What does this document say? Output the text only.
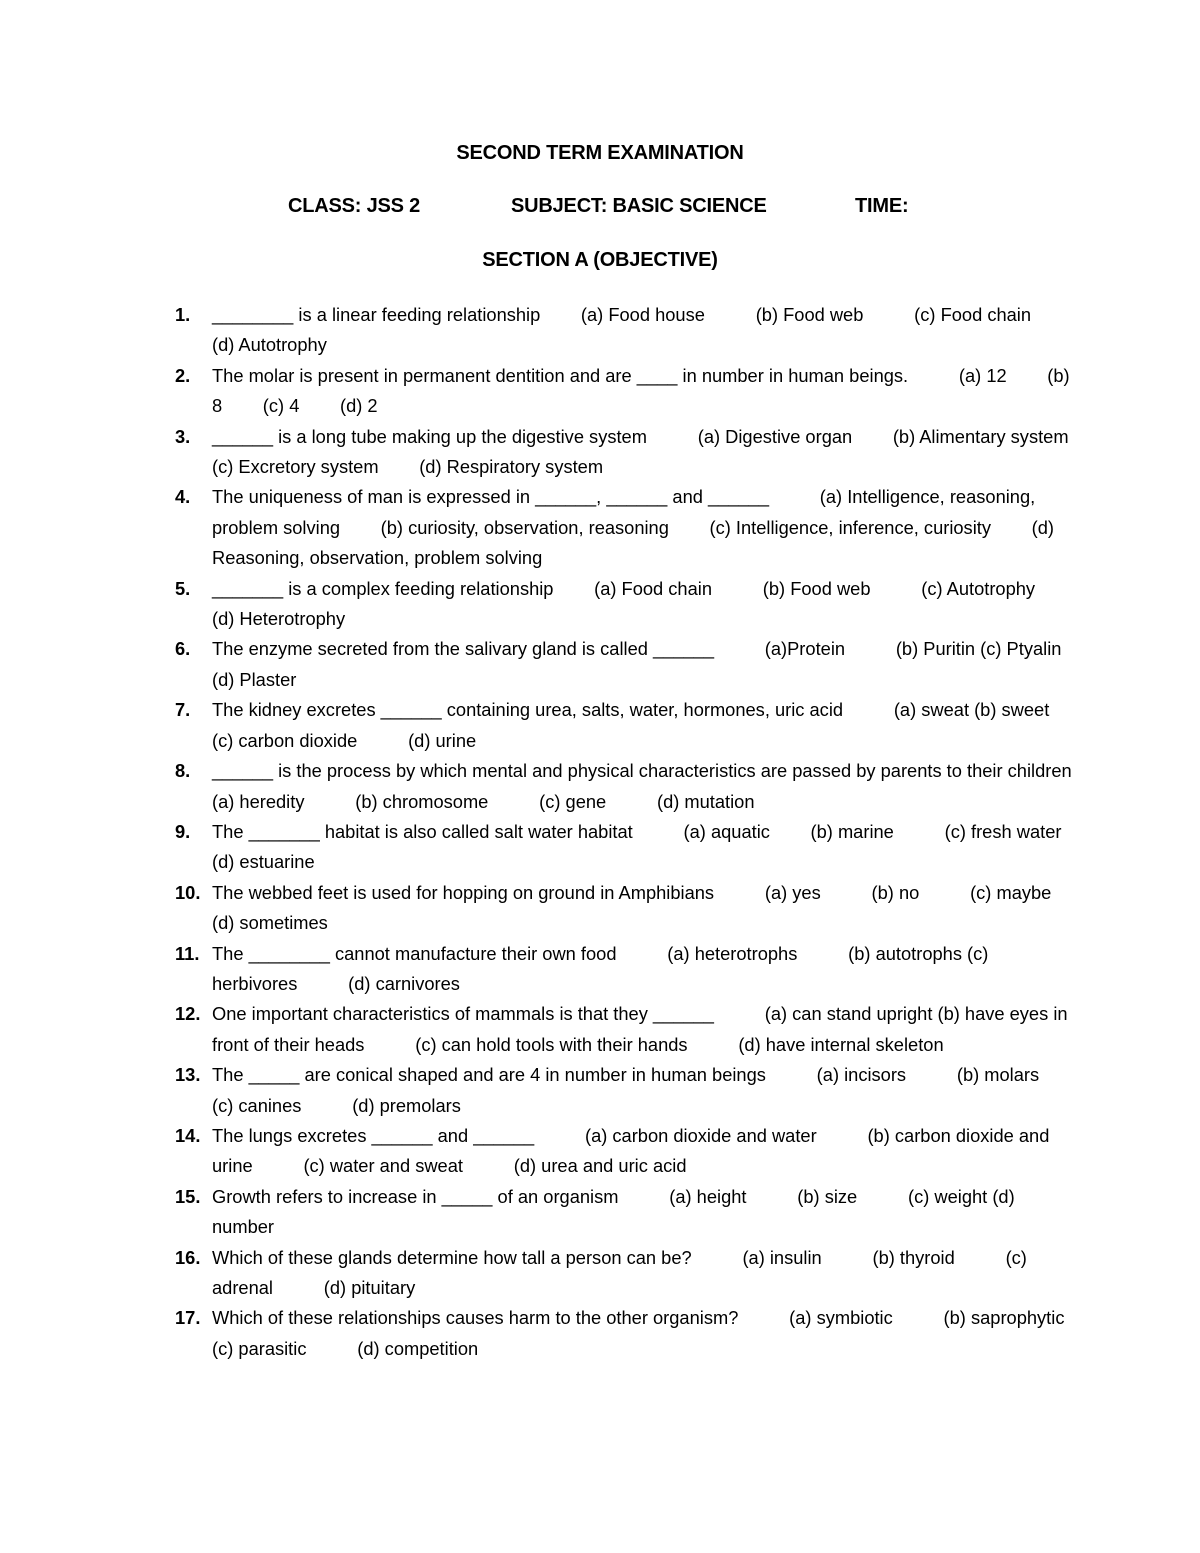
SECOND TERM EXAMINATION
CLASS: JSS 2	SUBJECT: BASIC SCIENCE	TIME:
SECTION A (OBJECTIVE)
1. ________ is a linear feeding relationship        (a) Food house          (b) Food web          (c) Food chain          (d) Autotrophy
2. The molar is present in permanent dentition and are ____ in number in human beings.          (a) 12        (b) 8        (c) 4        (d) 2
3. ______ is a long tube making up the digestive system          (a) Digestive organ        (b) Alimentary system        (c) Excretory system        (d) Respiratory system
4. The uniqueness of man is expressed in ______, ______ and ______          (a) Intelligence, reasoning, problem solving        (b) curiosity, observation, reasoning        (c) Intelligence, inference, curiosity        (d) Reasoning, observation, problem solving
5. _______ is a complex feeding relationship        (a) Food chain          (b) Food web          (c) Autotrophy          (d) Heterotrophy
6. The enzyme secreted from the salivary gland is called ______          (a)Protein          (b) Puritin (c) Ptyalin          (d) Plaster
7. The kidney excretes ______ containing urea, salts, water, hormones, uric acid          (a) sweat (b) sweet          (c) carbon dioxide          (d) urine
8. ______ is the process by which mental and physical characteristics are passed by parents to their children        (a) heredity          (b) chromosome          (c) gene          (d) mutation
9. The _______ habitat is also called salt water habitat          (a) aquatic        (b) marine          (c) fresh water          (d) estuarine
10. The webbed feet is used for hopping on ground in Amphibians          (a) yes          (b) no          (c) maybe          (d) sometimes
11. The ________ cannot manufacture their own food          (a) heterotrophs          (b) autotrophs (c) herbivores          (d) carnivores
12. One important characteristics of mammals is that they ______          (a) can stand upright (b) have eyes in front of their heads          (c) can hold tools with their hands          (d) have internal skeleton
13. The _____ are conical shaped and are 4 in number in human beings          (a) incisors          (b) molars          (c) canines          (d) premolars
14. The lungs excretes ______ and ______          (a) carbon dioxide and water          (b) carbon dioxide and urine          (c) water and sweat          (d) urea and uric acid
15. Growth refers to increase in _____ of an organism          (a) height          (b) size          (c) weight (d) number
16. Which of these glands determine how tall a person can be?          (a) insulin          (b) thyroid          (c) adrenal          (d) pituitary
17. Which of these relationships causes harm to the other organism?          (a) symbiotic          (b) saprophytic          (c) parasitic          (d) competition
